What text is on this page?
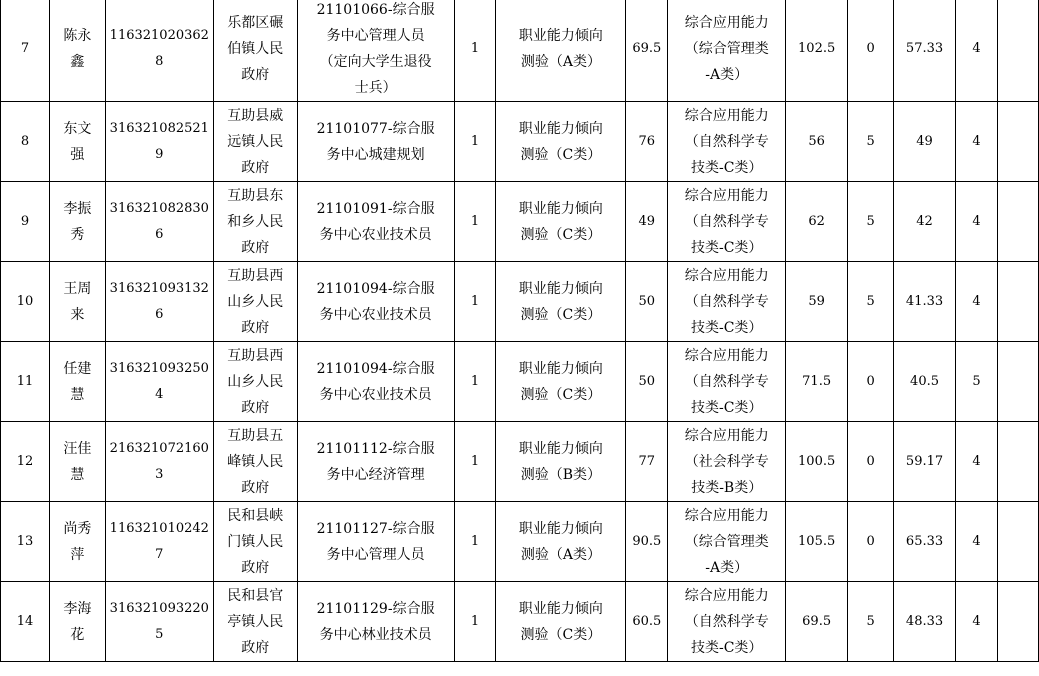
7	陈永
鑫	1163210203628	乐都区碾
伯镇人民
政府	21101066-综合服
务中心管理人员
（定向大学生退役
士兵）	1	职业能力倾向
测验（A类）	69.5	综合应用能力
（综合管理类
-A类）	102.5	0	57.33	4	
8	东文
强	3163210825219	互助县威
远镇人民
政府	21101077-综合服
务中心城建规划	1	职业能力倾向
测验（C类）	76	综合应用能力
（自然科学专
技类-C类）	56	5	49	4	
9	李振
秀	3163210828306	互助县东
和乡人民
政府	21101091-综合服
务中心农业技术员	1	职业能力倾向
测验（C类）	49	综合应用能力
（自然科学专
技类-C类）	62	5	42	4	
10	王周
来	3163210931326	互助县西
山乡人民
政府	21101094-综合服
务中心农业技术员	1	职业能力倾向
测验（C类）	50	综合应用能力
（自然科学专
技类-C类）	59	5	41.33	4	
11	任建
慧	3163210932504	互助县西
山乡人民
政府	21101094-综合服
务中心农业技术员	1	职业能力倾向
测验（C类）	50	综合应用能力
（自然科学专
技类-C类）	71.5	0	40.5	5	
12	汪佳
慧	2163210721603	互助县五
峰镇人民
政府	21101112-综合服
务中心经济管理	1	职业能力倾向
测验（B类）	77	综合应用能力
（社会科学专
技类-B类）	100.5	0	59.17	4	
13	尚秀
萍	1163210102427	民和县峡
门镇人民
政府	21101127-综合服
务中心管理人员	1	职业能力倾向
测验（A类）	90.5	综合应用能力
（综合管理类
-A类）	105.5	0	65.33	4	
14	李海
花	3163210932205	民和县官
亭镇人民
政府	21101129-综合服
务中心林业技术员	1	职业能力倾向
测验（C类）	60.5	综合应用能力
（自然科学专
技类-C类）	69.5	5	48.33	4	
